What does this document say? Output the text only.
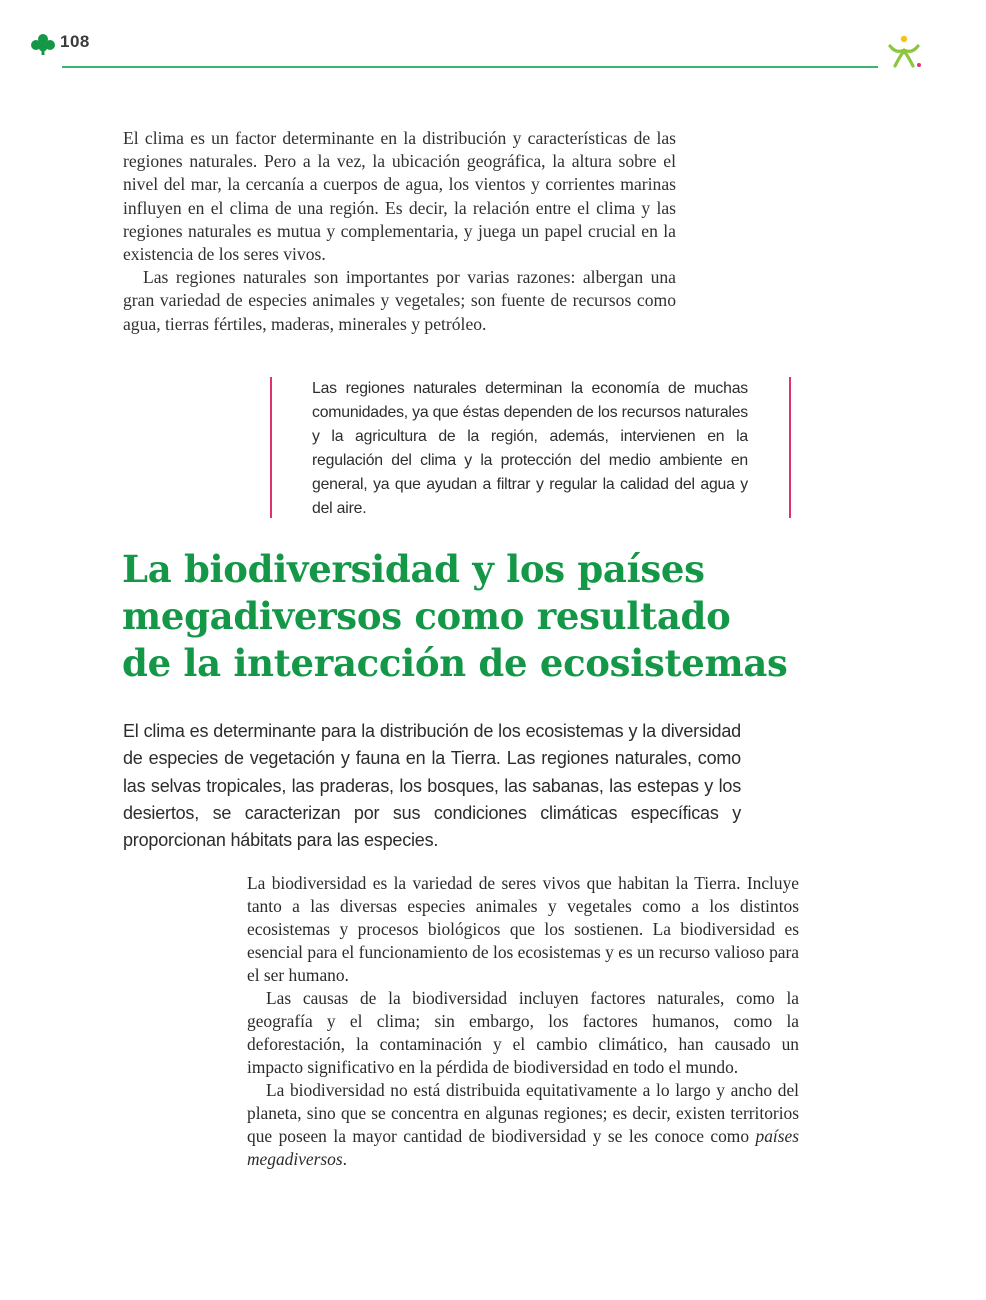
108

El clima es un factor determinante en la distribución y características de las regiones naturales. Pero a la vez, la ubicación geográfica, la altura sobre el nivel del mar, la cercanía a cuerpos de agua, los vientos y corrientes marinas influyen en el clima de una región. Es decir, la relación entre el clima y las regiones naturales es mutua y complementaria, y juega un papel crucial en la existencia de los seres vivos.

Las regiones naturales son importantes por varias razones: albergan una gran variedad de especies animales y vegetales; son fuente de recursos como agua, tierras fértiles, maderas, minerales y petróleo.

Las regiones naturales determinan la economía de muchas comunidades, ya que éstas dependen de los recursos naturales y la agricultura de la región, además, intervienen en la regulación del clima y la protección del medio ambiente en general, ya que ayudan a filtrar y regular la calidad del agua y del aire.
La biodiversidad y los países
megadiversos como resultado
de la interacción de ecosistemas

El clima es determinante para la distribución de los ecosistemas y la diversidad de especies de vegetación y fauna en la Tierra. Las regiones naturales, como las selvas tropicales, las praderas, los bosques, las sabanas, las estepas y los desiertos, se caracterizan por sus condiciones climáticas específicas y proporcionan hábitats para las especies.

La biodiversidad es la variedad de seres vivos que habitan la Tierra. Incluye tanto a las diversas especies animales y vegetales como a los distintos ecosistemas y procesos biológicos que los sostienen. La biodiversidad es esencial para el funcionamiento de los ecosistemas y es un recurso valioso para el ser humano.

Las causas de la biodiversidad incluyen factores naturales, como la geografía y el clima; sin embargo, los factores humanos, como la deforestación, la contaminación y el cambio climático, han causado un impacto significativo en la pérdida de biodiversidad en todo el mundo.

La biodiversidad no está distribuida equitativamente a lo largo y ancho del planeta, sino que se concentra en algunas regiones; es decir, existen territorios que poseen la mayor cantidad de biodiversidad y se les conoce como países megadiversos.
